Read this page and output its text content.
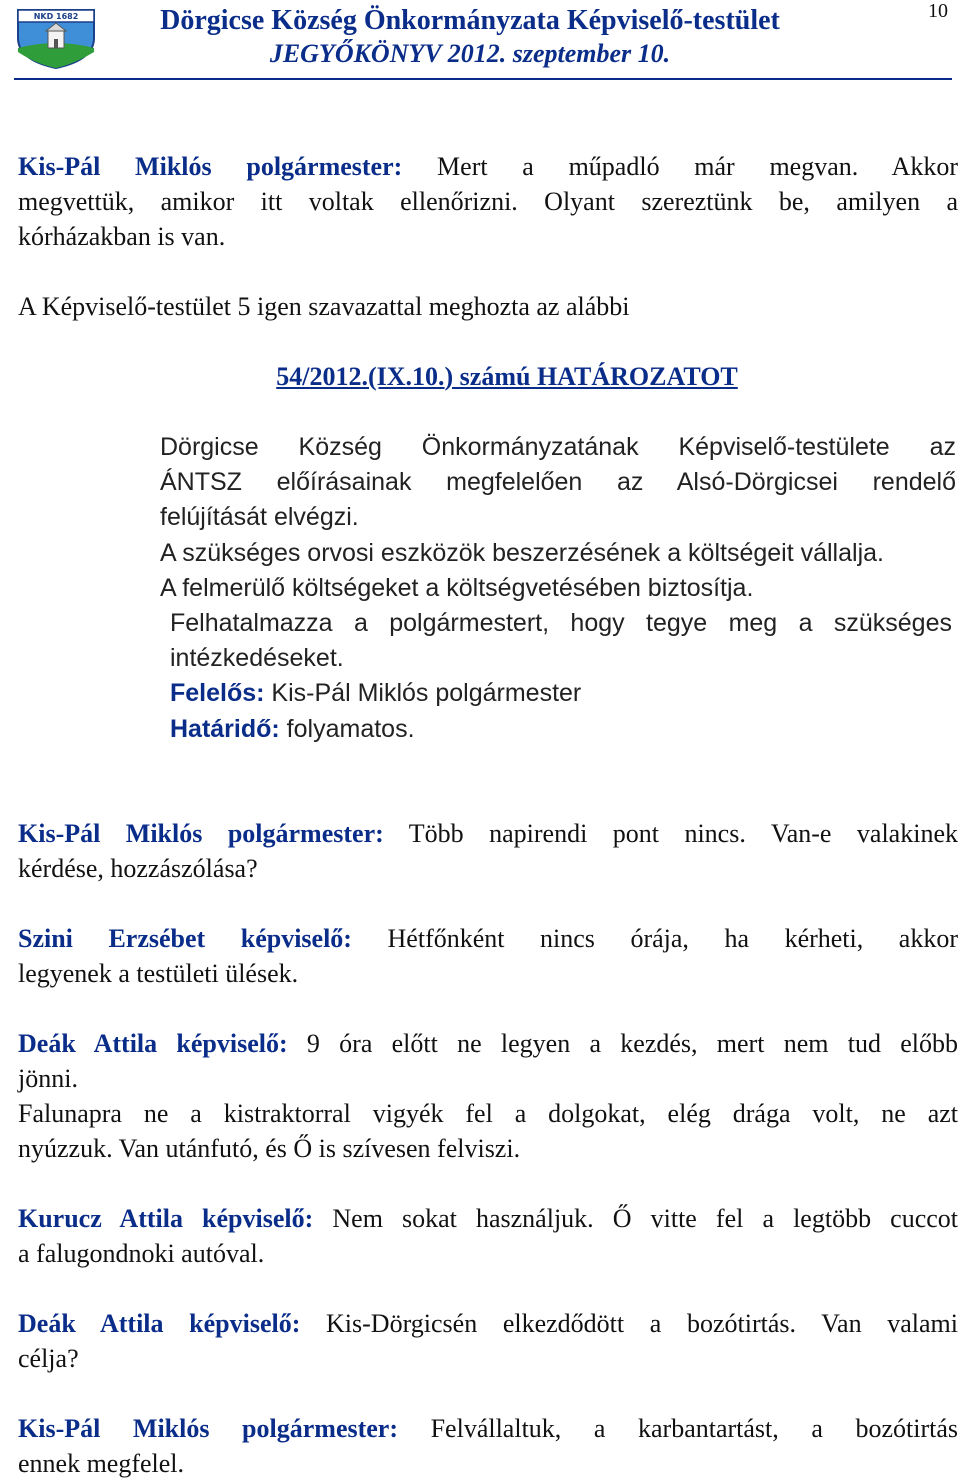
NKD 1682	Dörgicse Község Önkormányzata Képviselő-testület
JEGYŐKÖNYV 2012. szeptember 10.
10
Kis-Pál Miklós polgármester: Mert a műpadló már megvan. Akkor
megvettük, amikor itt voltak ellenőrizni. Olyant szereztünk be, amilyen a
kórházakban is van.
A Képviselő-testület 5 igen szavazattal meghozta az alábbi
54/2012.(IX.10.) számú HATÁROZATOT
Dörgicse Község Önkormányzatának Képviselő-testülete az
ÁNTSZ előírásainak megfelelően az Alsó-Dörgicsei rendelő
felújítását elvégzi.
A szükséges orvosi eszközök beszerzésének a költségeit vállalja.
A felmerülő költségeket a költségvetésében biztosítja.
Felhatalmazza a polgármestert, hogy tegye meg a szükséges
intézkedéseket.
Felelős: Kis-Pál Miklós polgármester
Határidő: folyamatos.
Kis-Pál Miklós polgármester: Több napirendi pont nincs. Van-e valakinek
kérdése, hozzászólása?
Szini Erzsébet képviselő: Hétfőnként nincs órája, ha kérheti, akkor
legyenek a testületi ülések.
Deák Attila képviselő: 9 óra előtt ne legyen a kezdés, mert nem tud előbb
jönni.
Falunapra ne a kistraktorral vigyék fel a dolgokat, elég drága volt, ne azt
nyúzzuk. Van utánfutó, és Ő is szívesen felviszi.
Kurucz Attila képviselő: Nem sokat használjuk. Ő vitte fel a legtöbb cuccot
a falugondnoki autóval.
Deák Attila képviselő: Kis-Dörgicsén elkezdődött a bozótirtás. Van valami
célja?
Kis-Pál Miklós polgármester: Felvállaltuk, a karbantartást, a bozótirtás
ennek megfelel.
